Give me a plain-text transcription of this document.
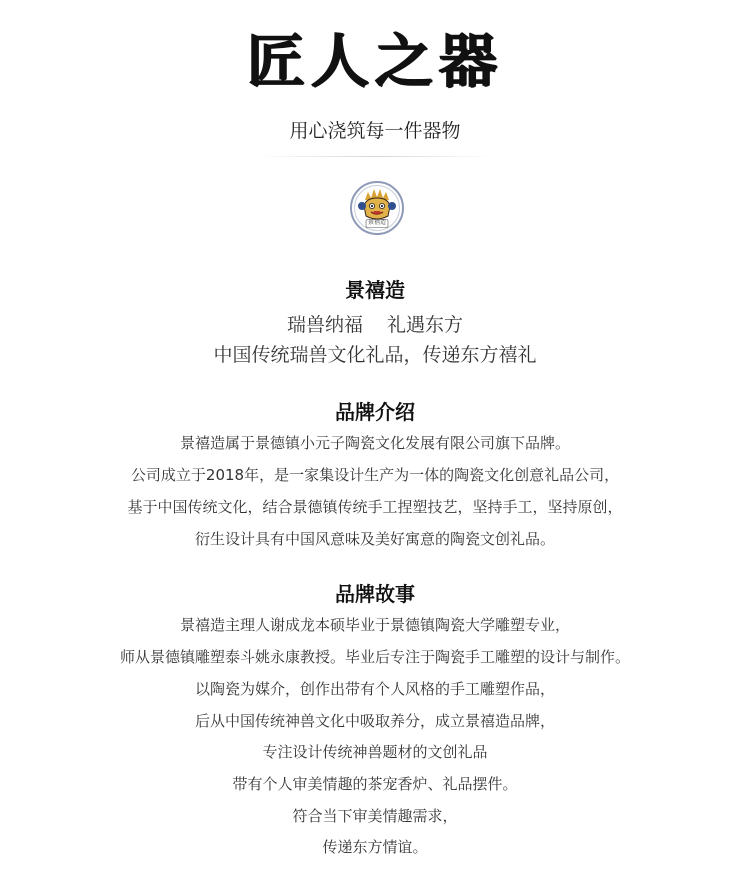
匠人之器
用心浇筑每一件器物
景禧造
景禧造
瑞兽纳福 礼遇东方
中国传统瑞兽文化礼品，传递东方禧礼
品牌介绍
景禧造属于景德镇小元子陶瓷文化发展有限公司旗下品牌。
公司成立于2018年，是一家集设计生产为一体的陶瓷文化创意礼品公司，
基于中国传统文化，结合景德镇传统手工捏塑技艺，坚持手工，坚持原创，
衍生设计具有中国风意味及美好寓意的陶瓷文创礼品。
品牌故事
景禧造主理人谢成龙本硕毕业于景德镇陶瓷大学雕塑专业，
师从景德镇雕塑泰斗姚永康教授。毕业后专注于陶瓷手工雕塑的设计与制作。
以陶瓷为媒介，创作出带有个人风格的手工雕塑作品，
后从中国传统神兽文化中吸取养分，成立景禧造品牌，
专注设计传统神兽题材的文创礼品
带有个人审美情趣的茶宠香炉、礼品摆件。
符合当下审美情趣需求，
传递东方情谊。
